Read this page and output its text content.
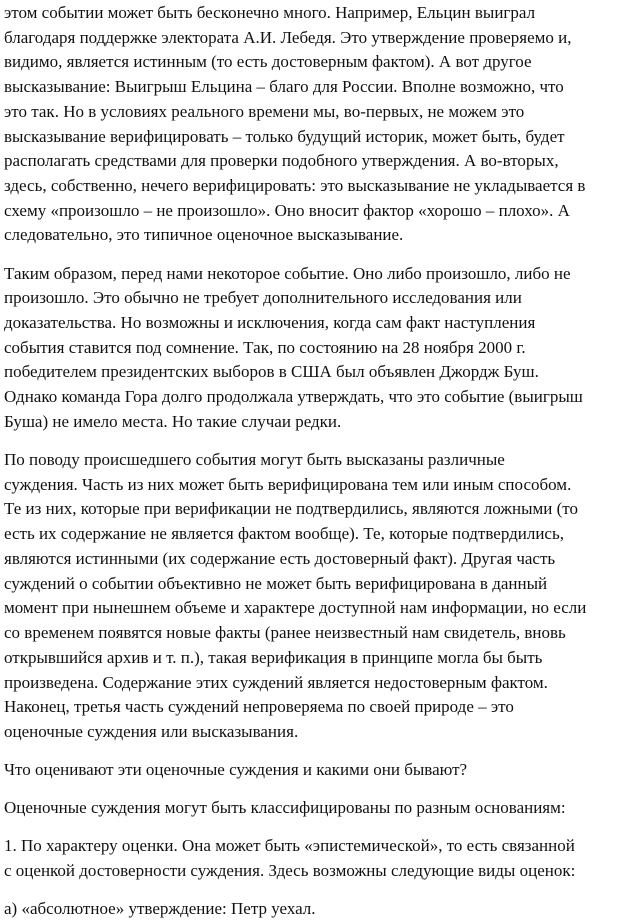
этом событии может быть бесконечно много. Например, Ельцин выиграл
благодаря поддержке электората А.И. Лебедя. Это утверждение проверяемо и,
видимо, является истинным (то есть достоверным фактом). А вот другое
высказывание: Выигрыш Ельцина – благо для России. Вполне возможно, что
это так. Но в условиях реального времени мы, во-первых, не можем это
высказывание верифицировать – только будущий историк, может быть, будет
располагать средствами для проверки подобного утверждения. А во-вторых,
здесь, собственно, нечего верифицировать: это высказывание не укладывается в
схему «произошло – не произошло». Оно вносит фактор «хорошо – плохо». А
следовательно, это типичное оценочное высказывание.
Таким образом, перед нами некоторое событие. Оно либо произошло, либо не
произошло. Это обычно не требует дополнительного исследования или
доказательства. Но возможны и исключения, когда сам факт наступления
события ставится под сомнение. Так, по состоянию на 28 ноября 2000 г.
победителем президентских выборов в США был объявлен Джордж Буш.
Однако команда Гора долго продолжала утверждать, что это событие (выигрыш
Буша) не имело места. Но такие случаи редки.
По поводу происшедшего события могут быть высказаны различные
суждения. Часть из них может быть верифицирована тем или иным способом.
Те из них, которые при верификации не подтвердились, являются ложными (то
есть их содержание не является фактом вообще). Те, которые подтвердились,
являются истинными (их содержание есть достоверный факт). Другая часть
суждений о событии объективно не может быть верифицирована в данный
момент при нынешнем объеме и характере доступной нам информации, но если
со временем появятся новые факты (ранее неизвестный нам свидетель, вновь
открывшийся архив и т. п.), такая верификация в принципе могла бы быть
произведена. Содержание этих суждений является недостоверным фактом.
Наконец, третья часть суждений непроверяема по своей природе – это
оценочные суждения или высказывания.
Что оценивают эти оценочные суждения и какими они бывают?
Оценочные суждения могут быть классифицированы по разным основаниям:
1. По характеру оценки. Она может быть «эпистемической», то есть связанной
с оценкой достоверности суждения. Здесь возможны следующие виды оценок:
а) «абсолютное» утверждение: Петр уехал.
